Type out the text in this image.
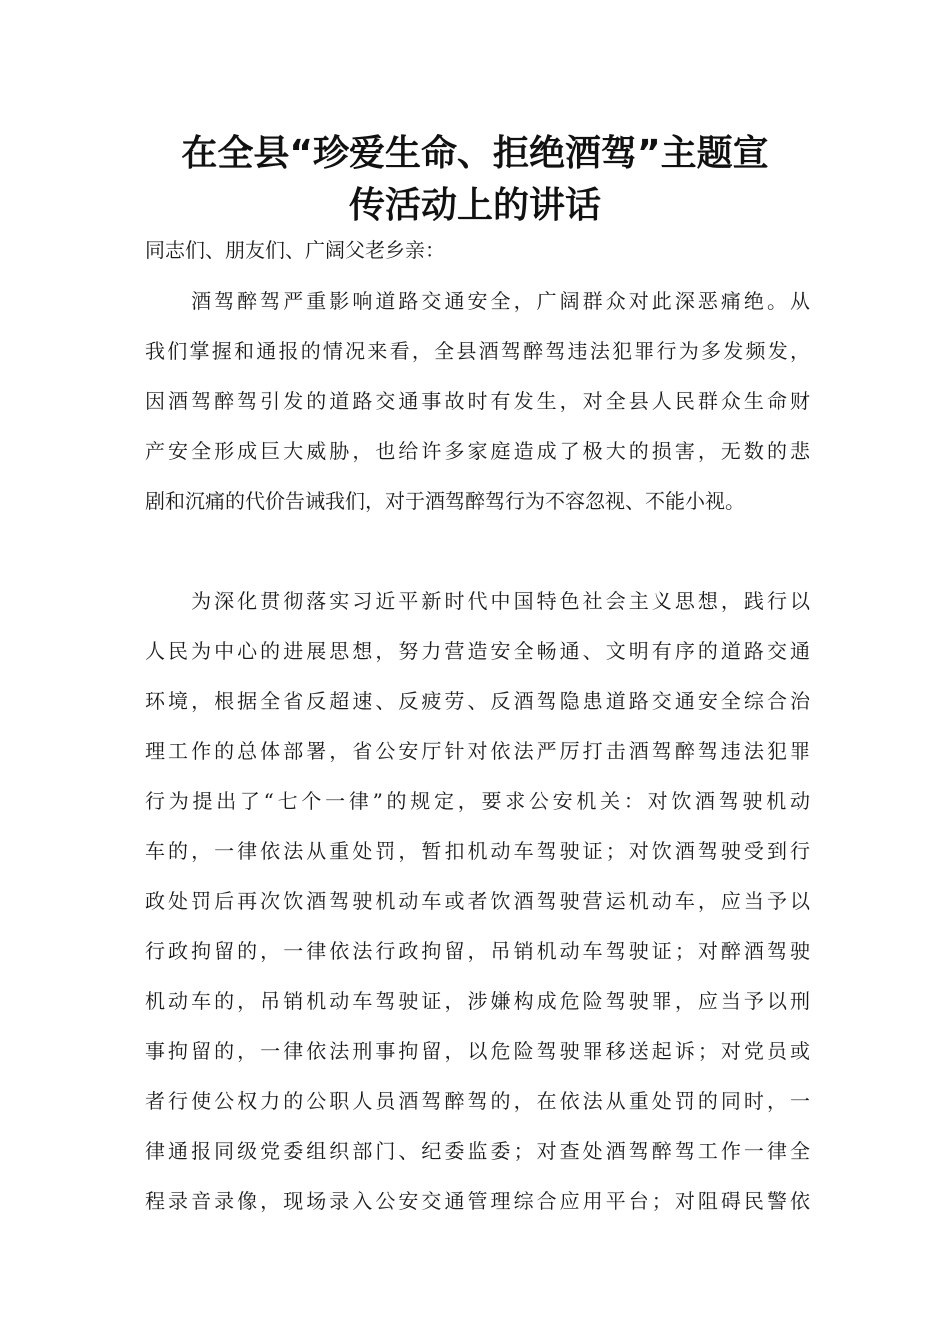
在全县“珍爱生命、拒绝酒驾”主题宣
传活动上的讲话

同志们、朋友们、广阔父老乡亲：

　　酒驾醉驾严重影响道路交通安全，广阔群众对此深恶痛绝。从
我们掌握和通报的情况来看，全县酒驾醉驾违法犯罪行为多发频发，
因酒驾醉驾引发的道路交通事故时有发生，对全县人民群众生命财
产安全形成巨大威胁，也给许多家庭造成了极大的损害，无数的悲
剧和沉痛的代价告诫我们，对于酒驾醉驾行为不容忽视、不能小视。
　　为深化贯彻落实习近平新时代中国特色社会主义思想，践行以
人民为中心的进展思想，努力营造安全畅通、文明有序的道路交通
环境，根据全省反超速、反疲劳、反酒驾隐患道路交通安全综合治
理工作的总体部署，省公安厅针对依法严厉打击酒驾醉驾违法犯罪
行为提出了“七个一律”的规定，要求公安机关：对饮酒驾驶机动
车的，一律依法从重处罚，暂扣机动车驾驶证；对饮酒驾驶受到行
政处罚后再次饮酒驾驶机动车或者饮酒驾驶营运机动车，应当予以
行政拘留的，一律依法行政拘留，吊销机动车驾驶证；对醉酒驾驶
机动车的，吊销机动车驾驶证，涉嫌构成危险驾驶罪，应当予以刑
事拘留的，一律依法刑事拘留，以危险驾驶罪移送起诉；对党员或
者行使公权力的公职人员酒驾醉驾的，在依法从重处罚的同时，一
律通报同级党委组织部门、纪委监委；对查处酒驾醉驾工作一律全
程录音录像，现场录入公安交通管理综合应用平台；对阻碍民警依
